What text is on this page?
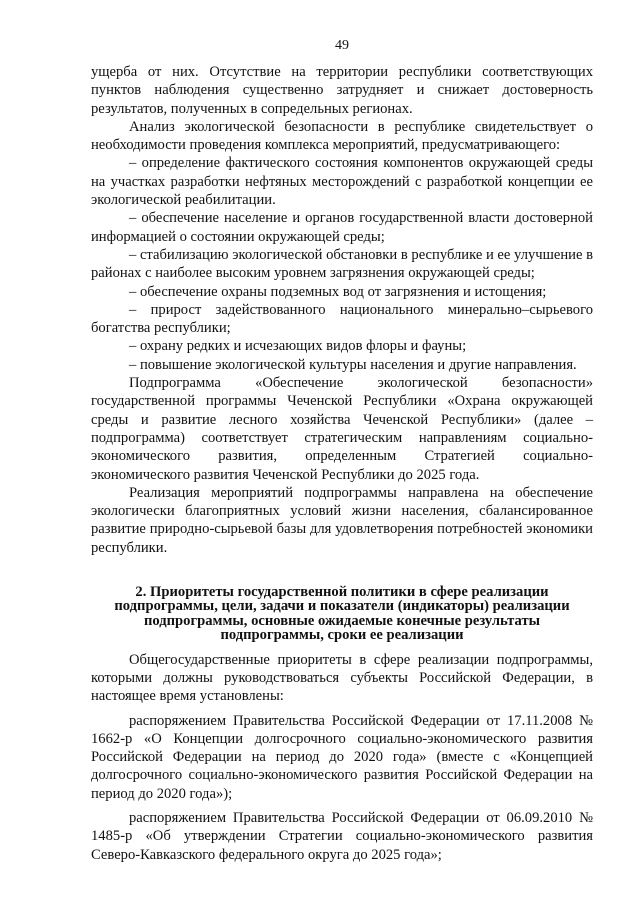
49

ущерба от них. Отсутствие на территории республики соответствующих пунктов наблюдения существенно затрудняет и снижает достоверность результатов, полученных в сопредельных регионах.

Анализ экологической безопасности в республике свидетельствует о необходимости проведения комплекса мероприятий, предусматривающего:

– определение фактического состояния компонентов окружающей среды на участках разработки нефтяных месторождений с разработкой концепции ее экологической реабилитации.

– обеспечение население и органов государственной власти достоверной информацией о состоянии окружающей среды;

– стабилизацию экологической обстановки в республике и ее улучшение в районах с наиболее высоким уровнем загрязнения окружающей среды;

– обеспечение охраны подземных вод от загрязнения и истощения;

– прирост задействованного национального минерально–сырьевого богатства республики;

– охрану редких и исчезающих видов флоры и фауны;

– повышение экологической культуры населения и другие направления.

Подпрограмма «Обеспечение экологической безопасности» государственной программы Чеченской Республики «Охрана окружающей среды и развитие лесного хозяйства Чеченской Республики» (далее – подпрограмма) соответствует стратегическим направлениям социально-экономического развития, определенным Стратегией социально-экономического развития Чеченской Республики до 2025 года.

Реализация мероприятий подпрограммы направлена на обеспечение экологически благоприятных условий жизни населения, сбалансированное развитие природно-сырьевой базы для удовлетворения потребностей экономики республики.

2. Приоритеты государственной политики в сфере реализации
подпрограммы, цели, задачи и показатели (индикаторы) реализации
подпрограммы, основные ожидаемые конечные результаты
подпрограммы, сроки ее реализации

Общегосударственные приоритеты в сфере реализации подпрограммы, которыми должны руководствоваться субъекты Российской Федерации, в настоящее время установлены:

распоряжением Правительства Российской Федерации от 17.11.2008 № 1662-р «О Концепции долгосрочного социально-экономического развития Российской Федерации на период до 2020 года» (вместе с «Концепцией долгосрочного социально-экономического развития Российской Федерации на период до 2020 года»);

распоряжением Правительства Российской Федерации от 06.09.2010 № 1485-р «Об утверждении Стратегии социально-экономического развития Северо-Кавказского федерального округа до 2025 года»;
